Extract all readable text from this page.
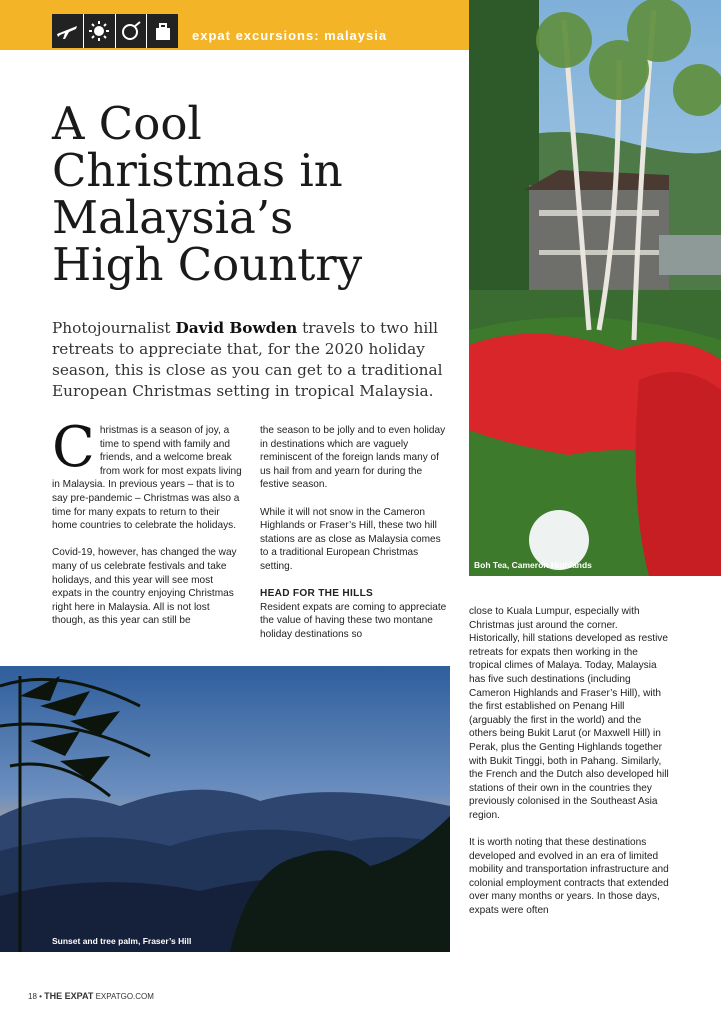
expat excursions: malaysia
Boh Tea, Cameron Highlands
A Cool
Christmas in
Malaysia’s
High Country

Photojournalist David Bowden travels to two hill retreats to appreciate that, for the 2020 holiday season, this is close as you can get to a traditional European Christmas setting in tropical Malaysia.

Christmas is a season of joy, a time to spend with family and friends, and a welcome break from work for most expats living in Malaysia. In previous years – that is to say pre-pandemic – Christmas was also a time for many expats to return to their home countries to celebrate the holidays.

Covid-19, however, has changed the way many of us celebrate festivals and take holidays, and this year will see most expats in the country enjoying Christmas right here in Malaysia. All is not lost though, as this year can still be

the season to be jolly and to even holiday in destinations which are vaguely reminiscent of the foreign lands many of us hail from and yearn for during the festive season.

While it will not snow in the Cameron Highlands or Fraser’s Hill, these two hill stations are as close as Malaysia comes to a traditional European Christmas setting.

HEAD FOR THE HILLS

Resident expats are coming to appreciate the value of having these two montane holiday destinations so

close to Kuala Lumpur, especially with Christmas just around the corner. Historically, hill stations developed as restive retreats for expats then working in the tropical climes of Malaya. Today, Malaysia has five such destinations (including Cameron Highlands and Fraser’s Hill), with the first established on Penang Hill (arguably the first in the world) and the others being Bukit Larut (or Maxwell Hill) in Perak, plus the Genting Highlands together with Bukit Tinggi, both in Pahang. Similarly, the French and the Dutch also developed hill stations of their own in the countries they previously colonised in the Southeast Asia region.

It is worth noting that these destinations developed and evolved in an era of limited mobility and transportation infrastructure and colonial employment contracts that extended over many months or years. In those days, expats were often

Sunset and tree palm, Fraser’s Hill
18 • THE EXPAT EXPATGO.COM
